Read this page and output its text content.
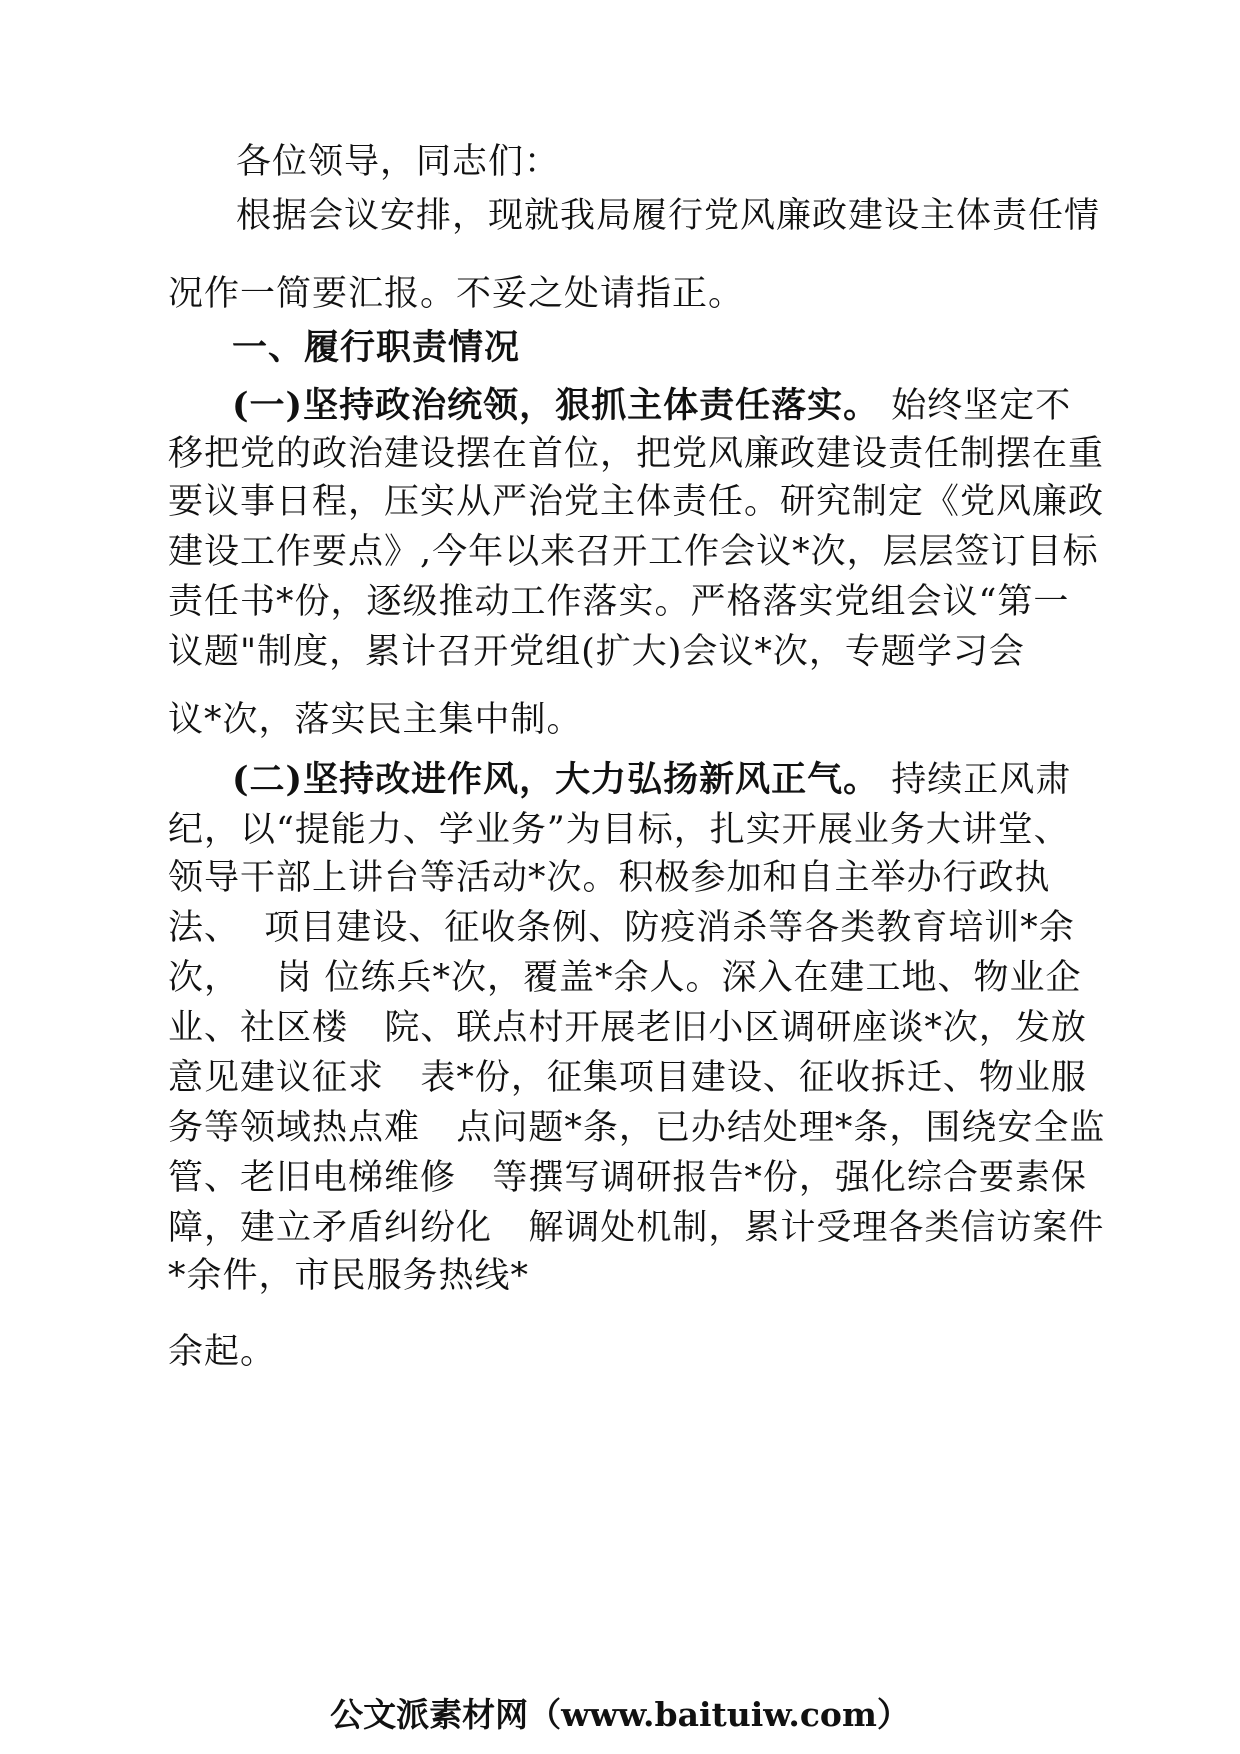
各位领导，同志们：

根据会议安排，现就我局履行党风廉政建设主体责任情

况作一简要汇报。不妥之处请指正。

一、履行职责情况

(一)坚持政治统领，狠抓主体责任落实。 始终坚定不

移把党的政治建设摆在首位，把党风廉政建设责任制摆在重

要议事日程，压实从严治党主体责任。研究制定《党风廉政

建设工作要点》,今年以来召开工作会议*次，层层签订目标

责任书*份，逐级推动工作落实。严格落实党组会议“第一

议题"制度，累计召开党组(扩大)会议*次，专题学习会

议*次，落实民主集中制。

(二)坚持改进作风，大力弘扬新风正气。 持续正风肃

纪，以“提能力、学业务”为目标，扎实开展业务大讲堂、

领导干部上讲台等活动*次。积极参加和自主举办行政执

法、  项目建设、征收条例、防疫消杀等各类教育培训*余

次，   岗 位练兵*次，覆盖*余人。深入在建工地、物业企

业、社区楼   院、联点村开展老旧小区调研座谈*次，发放

意见建议征求   表*份，征集项目建设、征收拆迁、物业服

务等领域热点难   点问题*条，已办结处理*条，围绕安全监

管、老旧电梯维修   等撰写调研报告*份，强化综合要素保

障，建立矛盾纠纷化   解调处机制，累计受理各类信访案件

*余件，市民服务热线*

余起。

公文派素材网（www.baituiw.com）
